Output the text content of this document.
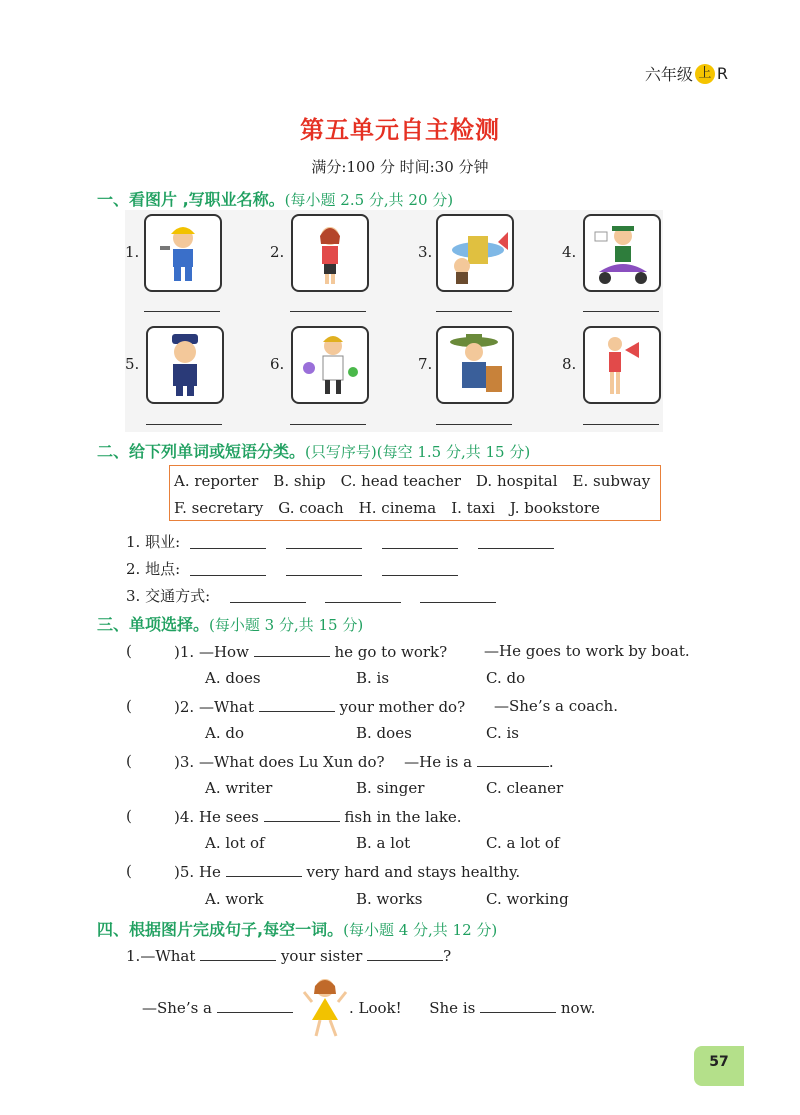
六年级 上 R
第五单元自主检测
满分:100 分 时间:30 分钟
一、看图片 ,写职业名称。(每小题 2.5 分,共 20 分)
1.	2.	3.	4.
5.	6.	7.	8.
二、给下列单词或短语分类。(只写序号)(每空 1.5 分,共 15 分)
A. reporter B. ship C. head teacher D. hospital E. subway
F. secretary G. coach H. cinema I. taxi J. bookstore
1. 职业:
2. 地点:
3. 交通方式:
三、单项选择。(每小题 3 分,共 15 分)
(	)1. —How	he go to work? —He goes to work by boat.
A. does	B. is	C. do
(	)2. —What	your mother do? —She’s a coach.
A. do	B. does	C. is
(	)3. —What does Lu Xun do? —He is a	.
A. writer	B. singer	C. cleaner
(	)4. He sees	fish in the lake.
A. lot of	B. a lot	C. a lot of
(	)5. He	very hard and stays healthy.
A. work	B. works	C. working
四、根据图片完成句子,每空一词。(每小题 4 分,共 12 分)
1.—What	your sister	?
—She’s a	. Look! She is	now.
57
